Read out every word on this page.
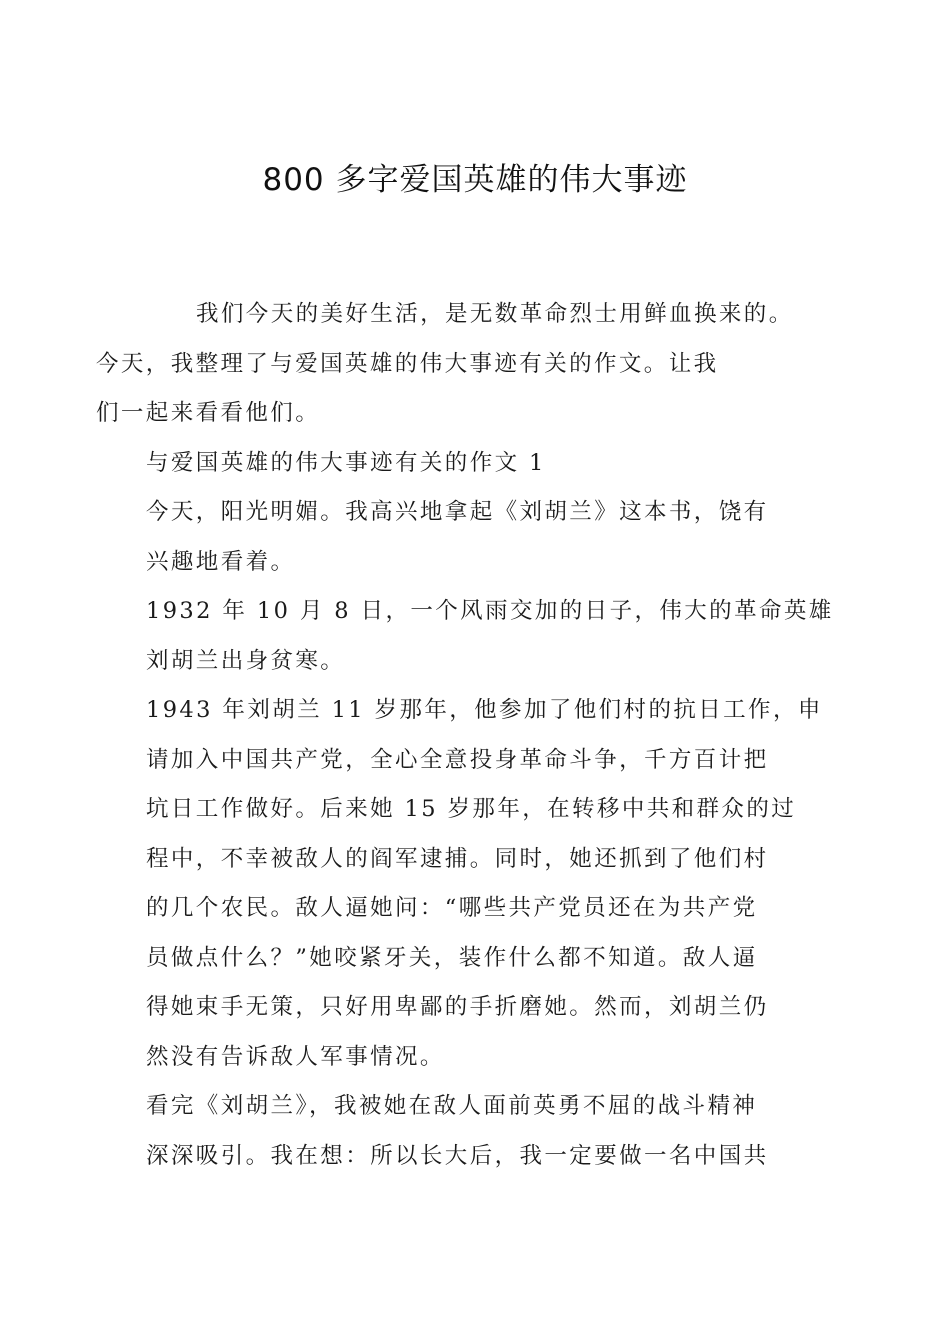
800 多字爱国英雄的伟大事迹

我们今天的美好生活，是无数革命烈士用鲜血换来的。
今天，我整理了与爱国英雄的伟大事迹有关的作文。让我
们一起来看看他们。

与爱国英雄的伟大事迹有关的作文 1

今天，阳光明媚。我高兴地拿起《刘胡兰》这本书，饶有
兴趣地看着。

1932 年 10 月 8 日，一个风雨交加的日子，伟大的革命英雄
刘胡兰出身贫寒。

1943 年刘胡兰 11 岁那年，他参加了他们村的抗日工作，申
请加入中国共产党，全心全意投身革命斗争，千方百计把
坑日工作做好。后来她 15 岁那年，在转移中共和群众的过
程中，不幸被敌人的阎军逮捕。同时，她还抓到了他们村
的几个农民。敌人逼她问：“哪些共产党员还在为共产党
员做点什么？”她咬紧牙关，装作什么都不知道。敌人逼
得她束手无策，只好用卑鄙的手折磨她。然而，刘胡兰仍
然没有告诉敌人军事情况。

看完《刘胡兰》，我被她在敌人面前英勇不屈的战斗精神
深深吸引。我在想：所以长大后，我一定要做一名中国共
